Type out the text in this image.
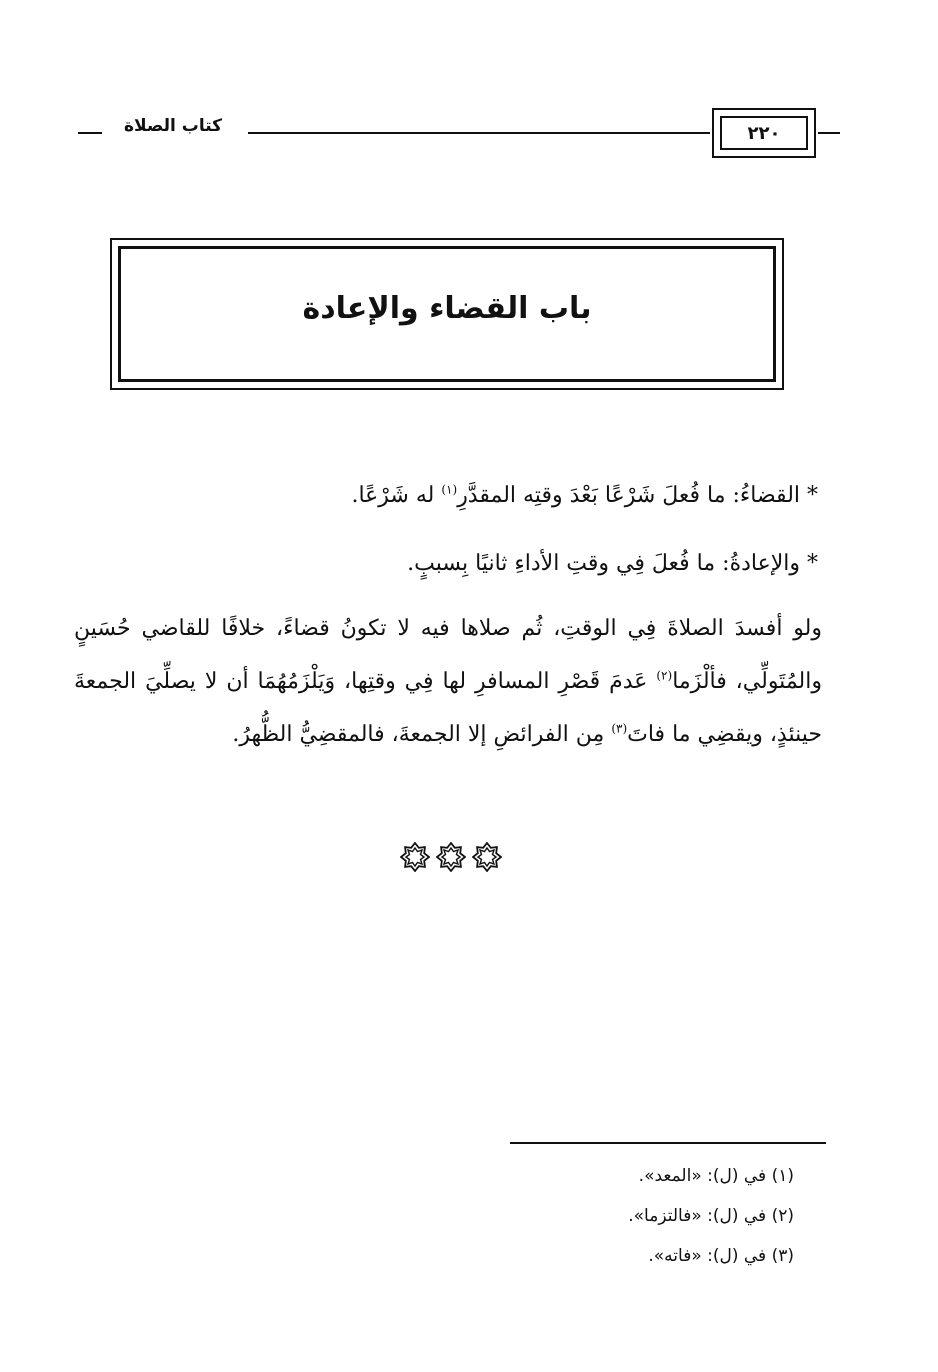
٢٢٠
كتاب الصلاة
باب القضاء والإعادة
* القضاءُ: ما فُعلَ شَرْعًا بَعْدَ وقتِه المقدَّرِ$^{(١)}$ له شَرْعًا.
* والإعادةُ: ما فُعلَ فِي وقتِ الأداءِ ثانيًا بِسببٍ.
ولو أفسدَ الصلاةَ فِي الوقتِ، ثُم صلاها فيه لا تكونُ قضاءً، خلافًا للقاضي حُسَينٍ والمُتَولِّي، فألْزَما$^{(٢)}$ عَدمَ قَصْرِ المسافرِ لها فِي وقتِها، وَيَلْزَمُهُمَا أن لا يصلِّيَ الجمعةَ حينئذٍ، ويقضِي ما فاتَ$^{(٣)}$ مِن الفرائضِ إلا الجمعةَ، فالمقضِيُّ الظُّهرُ.
(١) في (ل): «المعد».
(٢) في (ل): «فالتزما».
(٣) في (ل): «فاته».
